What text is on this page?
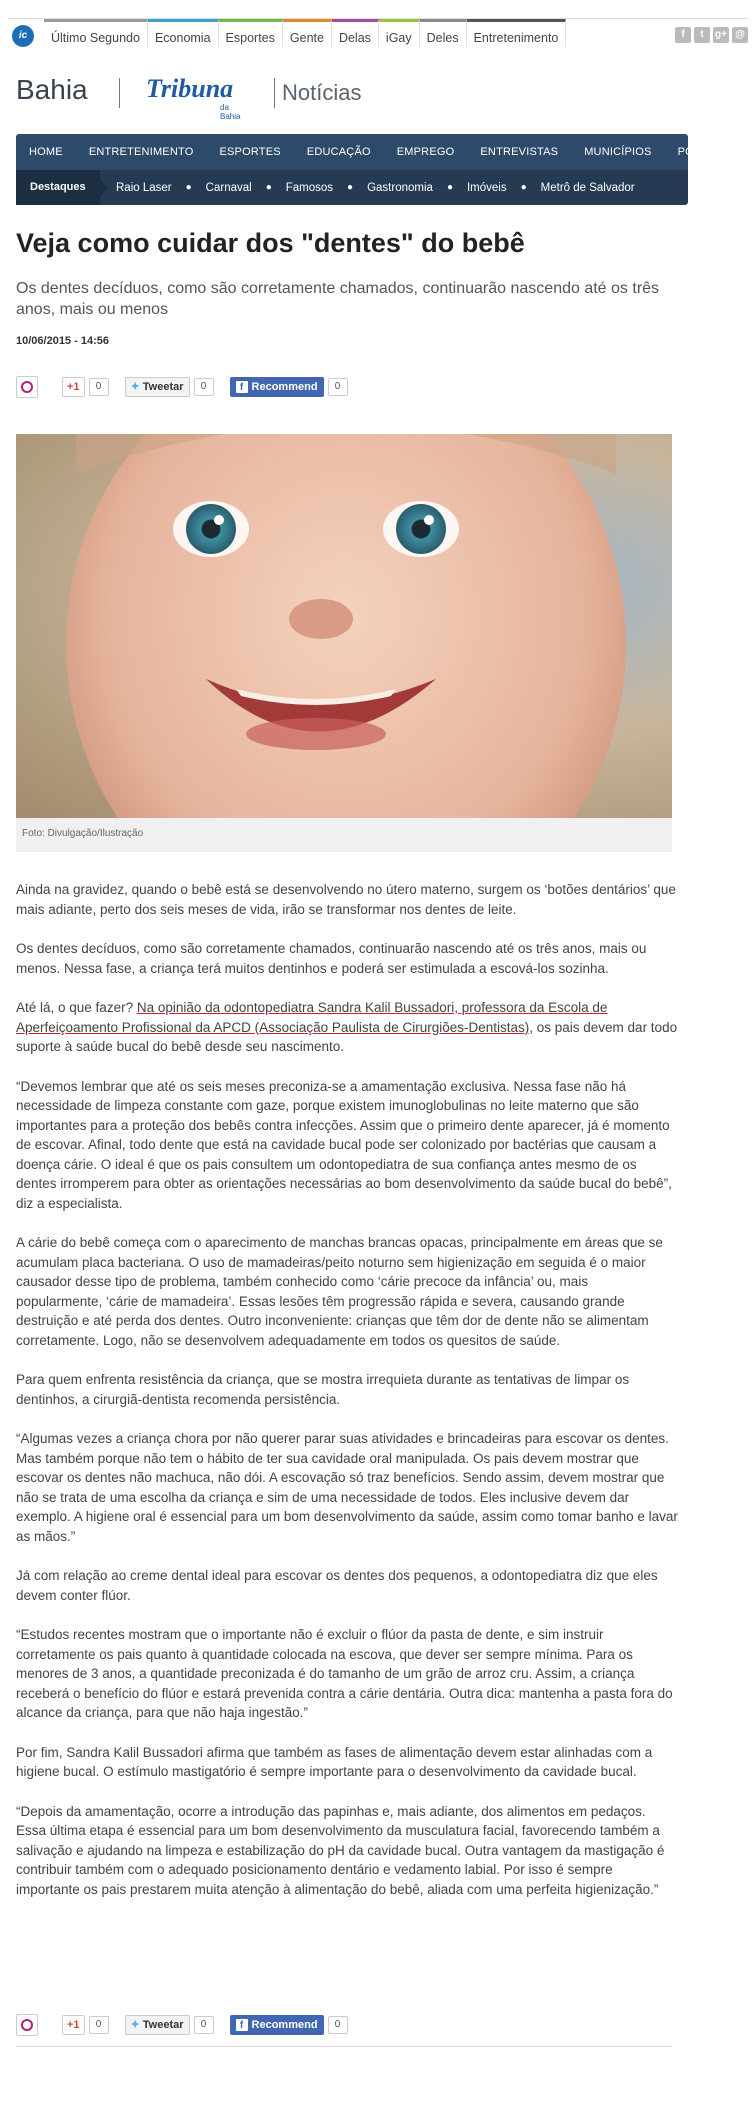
ic	Último Segundo	Economia	Esportes	Gente	Delas	iGay	Deles	Entretenimento	f	t	g+ @
Bahia Tribuna
da Bahia
Notícias
HOME	ENTRETENIMENTO	ESPORTES	EDUCAÇÃO	EMPREGO	ENTREVISTAS	MUNICÍPIOS	POLÍTICA
Destaques	Raio Laser ● Carnaval ● Famosos ● Gastronomia ● Imóveis ● Metrô de Salvador
Veja como cuidar dos "dentes" do bebê
Os dentes decíduos, como são corretamente chamados, continuarão nascendo até os três anos, mais ou menos
10/06/2015 - 14:56
+1	0	✦ Tweetar	0	f Recommend	0
Foto: Divulgação/Ilustração

Ainda na gravidez, quando o bebê está se desenvolvendo no útero materno, surgem os ‘botões dentários’ que mais adiante, perto dos seis meses de vida, irão se transformar nos dentes de leite.

Os dentes decíduos, como são corretamente chamados, continuarão nascendo até os três anos, mais ou menos. Nessa fase, a criança terá muitos dentinhos e poderá ser estimulada a escová-los sozinha.

Até lá, o que fazer? Na opinião da odontopediatra Sandra Kalil Bussadori, professora da Escola de Aperfeiçoamento Profissional da APCD (Associação Paulista de Cirurgiões-Dentistas), os pais devem dar todo suporte à saúde bucal do bebê desde seu nascimento.

“Devemos lembrar que até os seis meses preconiza-se a amamentação exclusiva. Nessa fase não há necessidade de limpeza constante com gaze, porque existem imunoglobulinas no leite materno que são importantes para a proteção dos bebês contra infecções. Assim que o primeiro dente aparecer, já é momento de escovar. Afinal, todo dente que está na cavidade bucal pode ser colonizado por bactérias que causam a doença cárie. O ideal é que os pais consultem um odontopediatra de sua confiança antes mesmo de os dentes irromperem para obter as orientações necessárias ao bom desenvolvimento da saúde bucal do bebê”, diz a especialista.

A cárie do bebê começa com o aparecimento de manchas brancas opacas, principalmente em áreas que se acumulam placa bacteriana. O uso de mamadeiras/peito noturno sem higienização em seguida é o maior causador desse tipo de problema, também conhecido como ‘cárie precoce da infância’ ou, mais popularmente, ‘cárie de mamadeira’. Essas lesões têm progressão rápida e severa, causando grande destruição e até perda dos dentes. Outro inconveniente: crianças que têm dor de dente não se alimentam corretamente. Logo, não se desenvolvem adequadamente em todos os quesitos de saúde.

Para quem enfrenta resistência da criança, que se mostra irrequieta durante as tentativas de limpar os dentinhos, a cirurgiã-dentista recomenda persistência.

“Algumas vezes a criança chora por não querer parar suas atividades e brincadeiras para escovar os dentes. Mas também porque não tem o hábito de ter sua cavidade oral manipulada. Os pais devem mostrar que escovar os dentes não machuca, não dói. A escovação só traz benefícios. Sendo assim, devem mostrar que não se trata de uma escolha da criança e sim de uma necessidade de todos. Eles inclusive devem dar exemplo. A higiene oral é essencial para um bom desenvolvimento da saúde, assim como tomar banho e lavar as mãos.”

Já com relação ao creme dental ideal para escovar os dentes dos pequenos, a odontopediatra diz que eles devem conter flúor.

“Estudos recentes mostram que o importante não é excluir o flúor da pasta de dente, e sim instruir corretamente os pais quanto à quantidade colocada na escova, que dever ser sempre mínima. Para os menores de 3 anos, a quantidade preconizada é do tamanho de um grão de arroz cru. Assim, a criança receberá o benefício do flúor e estará prevenida contra a cárie dentária. Outra dica: mantenha a pasta fora do alcance da criança, para que não haja ingestão.”

Por fim, Sandra Kalil Bussadori afirma que também as fases de alimentação devem estar alinhadas com a higiene bucal. O estímulo mastigatório é sempre importante para o desenvolvimento da cavidade bucal.

“Depois da amamentação, ocorre a introdução das papinhas e, mais adiante, dos alimentos em pedaços. Essa última etapa é essencial para um bom desenvolvimento da musculatura facial, favorecendo também a salivação e ajudando na limpeza e estabilização do pH da cavidade bucal. Outra vantagem da mastigação é contribuir também com o adequado posicionamento dentário e vedamento labial. Por isso é sempre importante os pais prestarem muita atenção à alimentação do bebê, aliada com uma perfeita higienização.”

+1	0	✦ Tweetar	0	f Recommend	0
